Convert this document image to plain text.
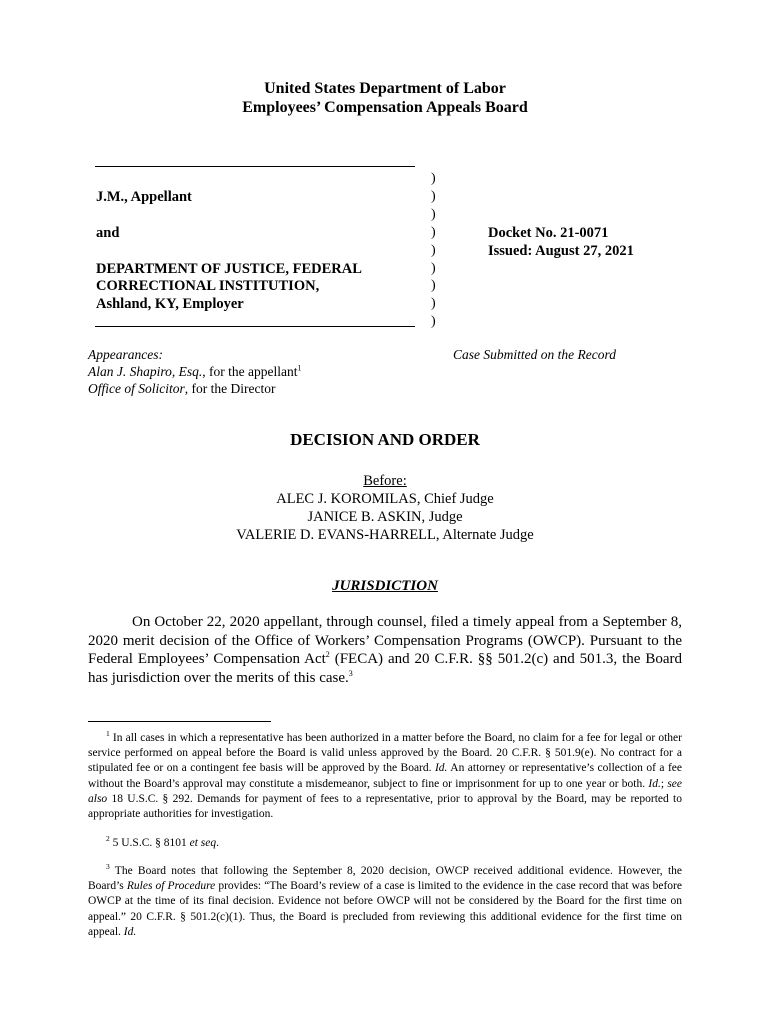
United States Department of Labor
Employees’ Compensation Appeals Board
J.M., Appellant
and
DEPARTMENT OF JUSTICE, FEDERAL
CORRECTIONAL INSTITUTION,
Ashland, KY, Employer
)
)
)
)
)
)
)
)
)
Docket No. 21-0071
Issued: August 27, 2021
Appearances:
Alan J. Shapiro, Esq., for the appellant$^1$
Office of Solicitor, for the Director
Case Submitted on the Record
DECISION AND ORDER
Before:
ALEC J. KOROMILAS, Chief Judge
JANICE B. ASKIN, Judge
VALERIE D. EVANS-HARRELL, Alternate Judge
JURISDICTION

On October 22, 2020 appellant, through counsel, filed a timely appeal from a September 8, 2020 merit decision of the Office of Workers’ Compensation Programs (OWCP). Pursuant to the Federal Employees’ Compensation Act$^2$ (FECA) and 20 C.F.R. §§ 501.2(c) and 501.3, the Board has jurisdiction over the merits of this case.$^3$

$^1$ In all cases in which a representative has been authorized in a matter before the Board, no claim for a fee for legal or other service performed on appeal before the Board is valid unless approved by the Board. 20 C.F.R. § 501.9(e). No contract for a stipulated fee or on a contingent fee basis will be approved by the Board. Id. An attorney or representative’s collection of a fee without the Board’s approval may constitute a misdemeanor, subject to fine or imprisonment for up to one year or both. Id.; see also 18 U.S.C. § 292. Demands for payment of fees to a representative, prior to approval by the Board, may be reported to appropriate authorities for investigation.

$^2$ 5 U.S.C. § 8101 et seq.

$^3$ The Board notes that following the September 8, 2020 decision, OWCP received additional evidence. However, the Board’s Rules of Procedure provides: “The Board’s review of a case is limited to the evidence in the case record that was before OWCP at the time of its final decision. Evidence not before OWCP will not be considered by the Board for the first time on appeal.” 20 C.F.R. § 501.2(c)(1). Thus, the Board is precluded from reviewing this additional evidence for the first time on appeal. Id.
